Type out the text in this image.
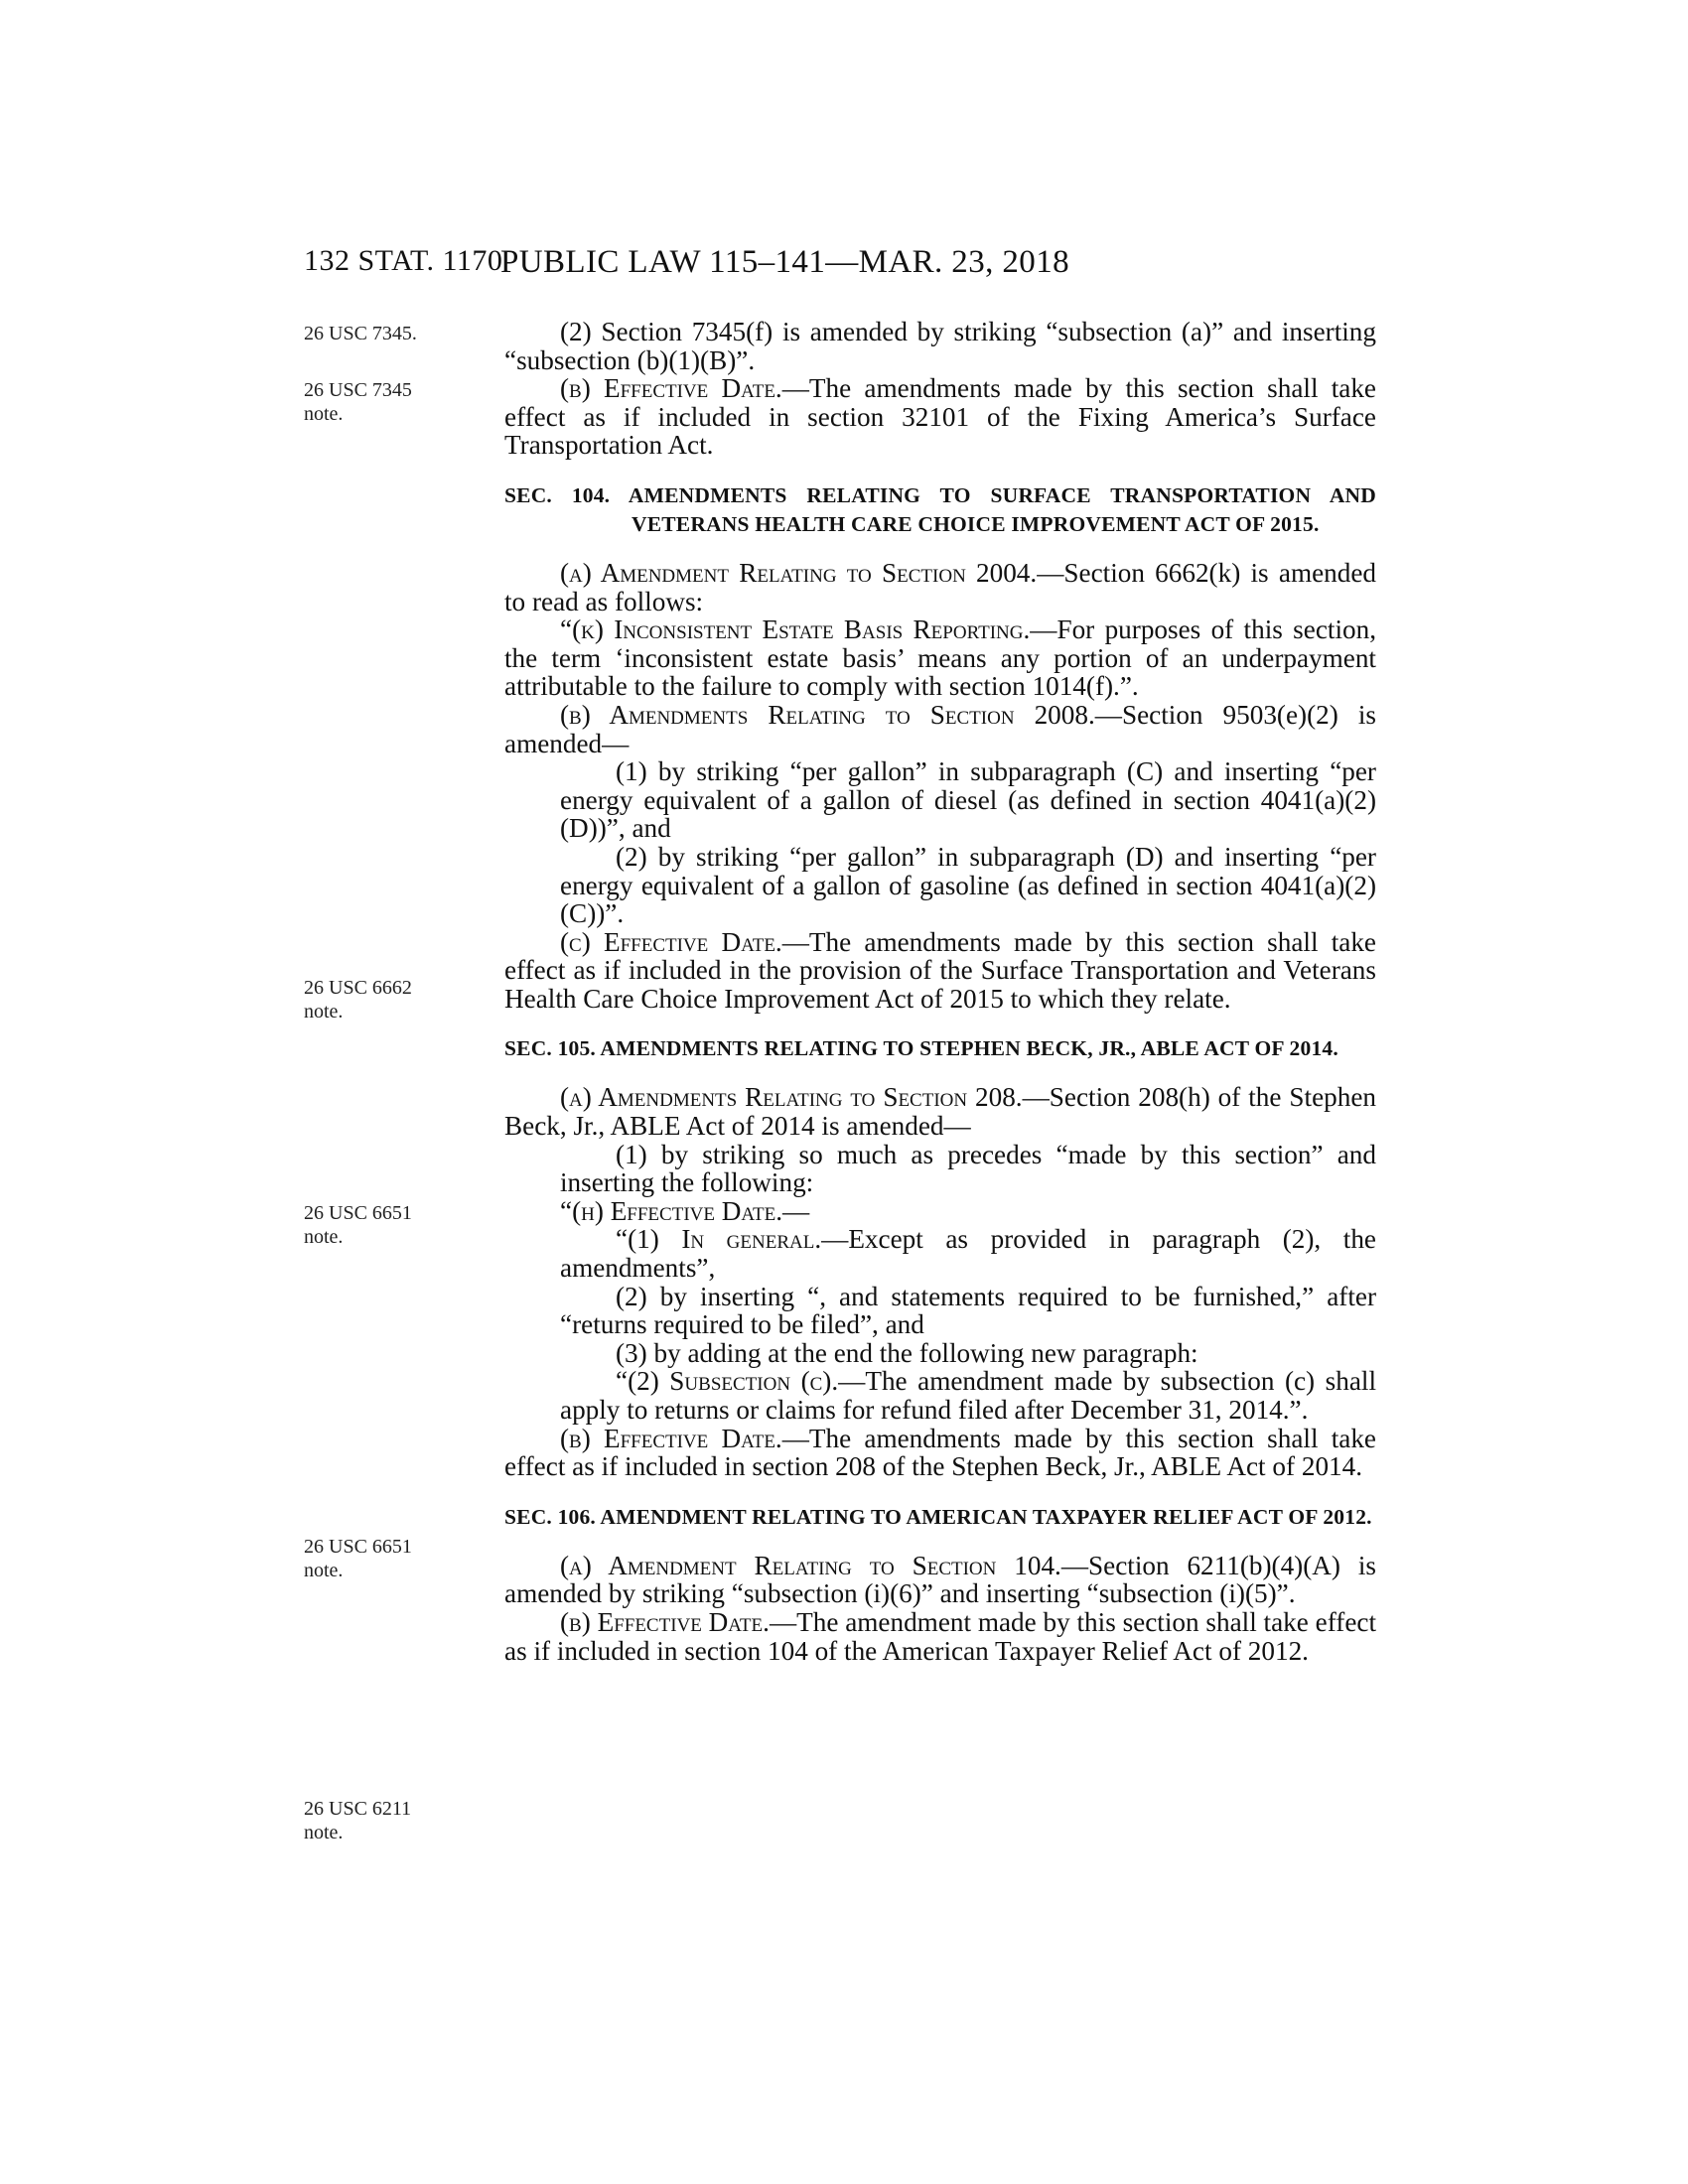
132 STAT. 1170
PUBLIC LAW 115–141—MAR. 23, 2018
26 USC 7345.
26 USC 7345
note.
26 USC 6662
note.
26 USC 6651
note.
26 USC 6651
note.
26 USC 6211
note.

(2) Section 7345(f) is amended by striking “subsection (a)” and inserting “subsection (b)(1)(B)”.

(b) Effective Date.—The amendments made by this section shall take effect as if included in section 32101 of the Fixing America’s Surface Transportation Act.

SEC. 104. AMENDMENTS RELATING TO SURFACE TRANSPORTATION AND VETERANS HEALTH CARE CHOICE IMPROVEMENT ACT OF 2015.

(a) Amendment Relating to Section 2004.—Section 6662(k) is amended to read as follows:

“(k) Inconsistent Estate Basis Reporting.—For purposes of this section, the term ‘inconsistent estate basis’ means any portion of an underpayment attributable to the failure to comply with section 1014(f).”.

(b) Amendments Relating to Section 2008.—Section 9503(e)(2) is amended—

(1) by striking “per gallon” in subparagraph (C) and inserting “per energy equivalent of a gallon of diesel (as defined in section 4041(a)(2)(D))”, and

(2) by striking “per gallon” in subparagraph (D) and inserting “per energy equivalent of a gallon of gasoline (as defined in section 4041(a)(2)(C))”.

(c) Effective Date.—The amendments made by this section shall take effect as if included in the provision of the Surface Transportation and Veterans Health Care Choice Improvement Act of 2015 to which they relate.

SEC. 105. AMENDMENTS RELATING TO STEPHEN BECK, JR., ABLE ACT OF 2014.

(a) Amendments Relating to Section 208.—Section 208(h) of the Stephen Beck, Jr., ABLE Act of 2014 is amended—

(1) by striking so much as precedes “made by this section” and inserting the following:

“(h) Effective Date.—

“(1) In general.—Except as provided in paragraph (2), the amendments”,

(2) by inserting “, and statements required to be furnished,” after “returns required to be filed”, and

(3) by adding at the end the following new paragraph:

“(2) Subsection (c).—The amendment made by subsection (c) shall apply to returns or claims for refund filed after December 31, 2014.”.

(b) Effective Date.—The amendments made by this section shall take effect as if included in section 208 of the Stephen Beck, Jr., ABLE Act of 2014.

SEC. 106. AMENDMENT RELATING TO AMERICAN TAXPAYER RELIEF ACT OF 2012.

(a) Amendment Relating to Section 104.—Section 6211(b)(4)(A) is amended by striking “subsection (i)(6)” and inserting “subsection (i)(5)”.

(b) Effective Date.—The amendment made by this section shall take effect as if included in section 104 of the American Taxpayer Relief Act of 2012.
